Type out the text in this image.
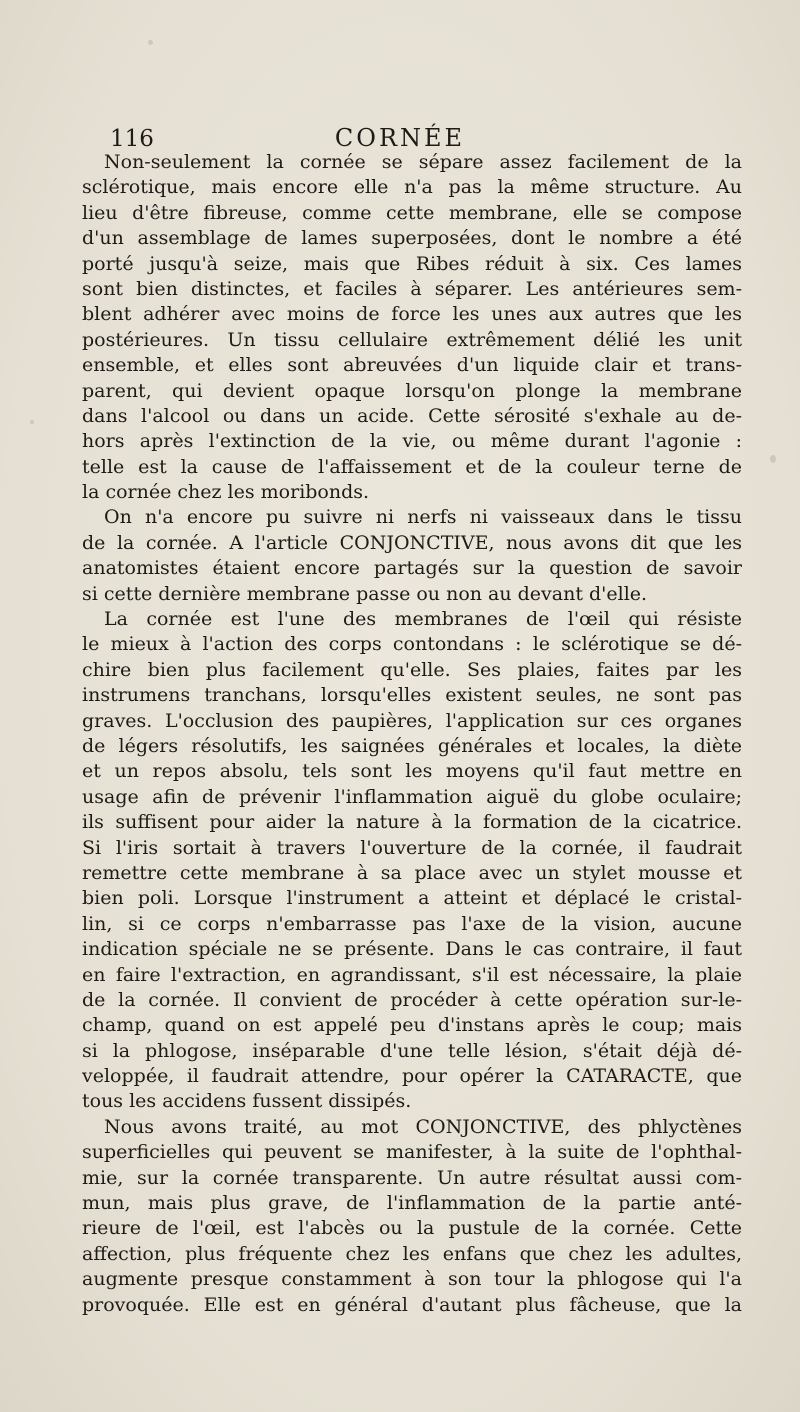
116	CORNÉE
Non-seulement la cornée se sépare assez facilement de la
sclérotique, mais encore elle n'a pas la même structure. Au
lieu d'être fibreuse, comme cette membrane, elle se compose
d'un assemblage de lames superposées, dont le nombre a été
porté jusqu'à seize, mais que Ribes réduit à six. Ces lames
sont bien distinctes, et faciles à séparer. Les antérieures sem-
blent adhérer avec moins de force les unes aux autres que les
postérieures. Un tissu cellulaire extrêmement délié les unit
ensemble, et elles sont abreuvées d'un liquide clair et trans-
parent, qui devient opaque lorsqu'on plonge la membrane
dans l'alcool ou dans un acide. Cette sérosité s'exhale au de-
hors après l'extinction de la vie, ou même durant l'agonie :
telle est la cause de l'affaissement et de la couleur terne de
la cornée chez les moribonds.
On n'a encore pu suivre ni nerfs ni vaisseaux dans le tissu
de la cornée. A l'article CONJONCTIVE, nous avons dit que les
anatomistes étaient encore partagés sur la question de savoir
si cette dernière membrane passe ou non au devant d'elle.
La cornée est l'une des membranes de l'œil qui résiste
le mieux à l'action des corps contondans : le sclérotique se dé-
chire bien plus facilement qu'elle. Ses plaies, faites par les
instrumens tranchans, lorsqu'elles existent seules, ne sont pas
graves. L'occlusion des paupières, l'application sur ces organes
de légers résolutifs, les saignées générales et locales, la diète
et un repos absolu, tels sont les moyens qu'il faut mettre en
usage afin de prévenir l'inflammation aiguë du globe oculaire;
ils suffisent pour aider la nature à la formation de la cicatrice.
Si l'iris sortait à travers l'ouverture de la cornée, il faudrait
remettre cette membrane à sa place avec un stylet mousse et
bien poli. Lorsque l'instrument a atteint et déplacé le cristal-
lin, si ce corps n'embarrasse pas l'axe de la vision, aucune
indication spéciale ne se présente. Dans le cas contraire, il faut
en faire l'extraction, en agrandissant, s'il est nécessaire, la plaie
de la cornée. Il convient de procéder à cette opération sur-le-
champ, quand on est appelé peu d'instans après le coup; mais
si la phlogose, inséparable d'une telle lésion, s'était déjà dé-
veloppée, il faudrait attendre, pour opérer la CATARACTE, que
tous les accidens fussent dissipés.
Nous avons traité, au mot CONJONCTIVE, des phlyctènes
superficielles qui peuvent se manifester, à la suite de l'ophthal-
mie, sur la cornée transparente. Un autre résultat aussi com-
mun, mais plus grave, de l'inflammation de la partie anté-
rieure de l'œil, est l'abcès ou la pustule de la cornée. Cette
affection, plus fréquente chez les enfans que chez les adultes,
augmente presque constamment à son tour la phlogose qui l'a
provoquée. Elle est en général d'autant plus fâcheuse, que la
